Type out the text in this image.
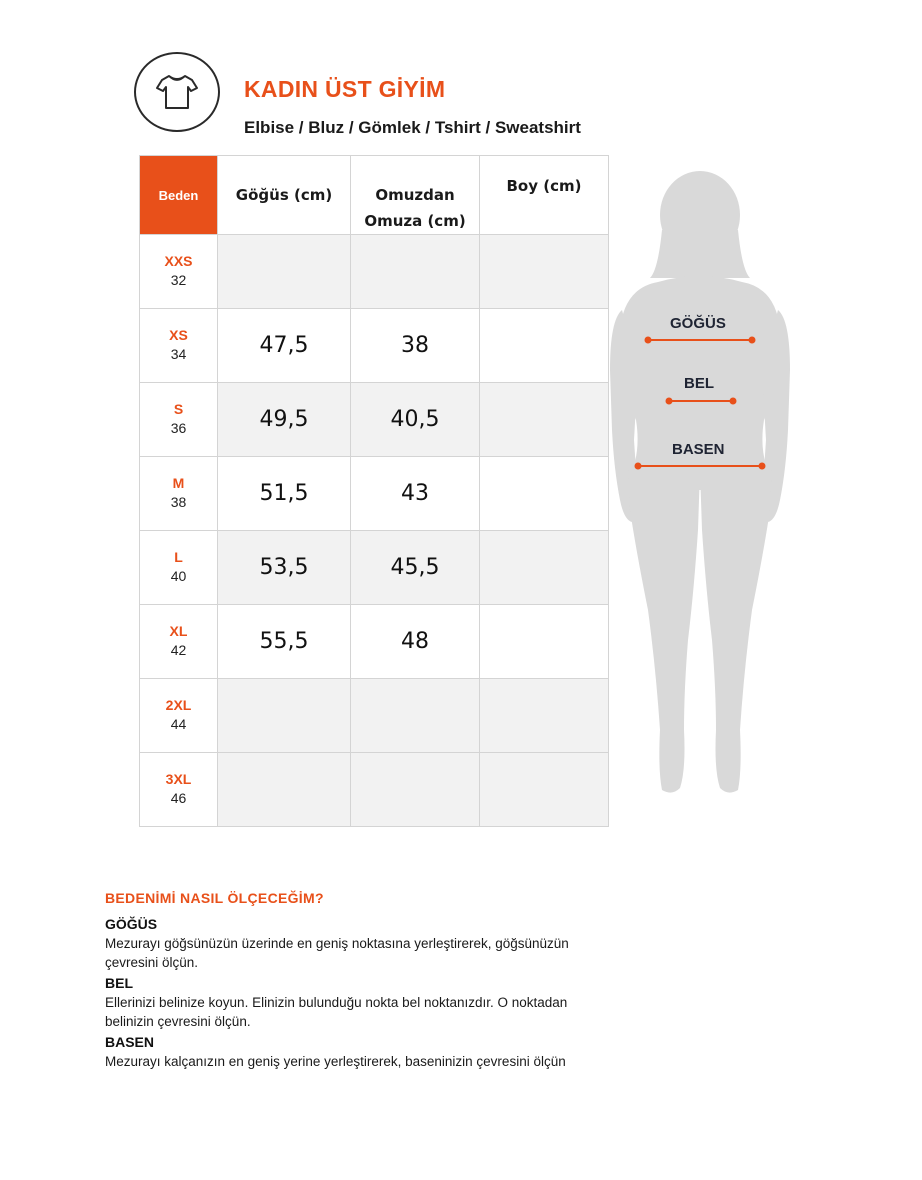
KADIN ÜST GİYİM
Elbise / Bluz / Gömlek / Tshirt / Sweatshirt
Beden	Göğüs (cm)	Omuzdan
Omuza (cm)	Boy (cm)

XXS
32			

XS
34	47,5	38	

S
36	49,5	40,5	

M
38	51,5	43	

L
40	53,5	45,5	

XL
42	55,5	48	

2XL
44			

3XL
46			

GÖĞÜS
BEL
BASEN
BEDENİMİ NASIL ÖLÇECEĞİM?
GÖĞÜS

Mezurayı göğsünüzün üzerinde en geniş noktasına yerleştirerek, göğsünüzün
çevresini ölçün.

BEL

Ellerinizi belinize koyun. Elinizin bulunduğu nokta bel noktanızdır. O noktadan
belinizin çevresini ölçün.

BASEN

Mezurayı kalçanızın en geniş yerine yerleştirerek, baseninizin çevresini ölçün
